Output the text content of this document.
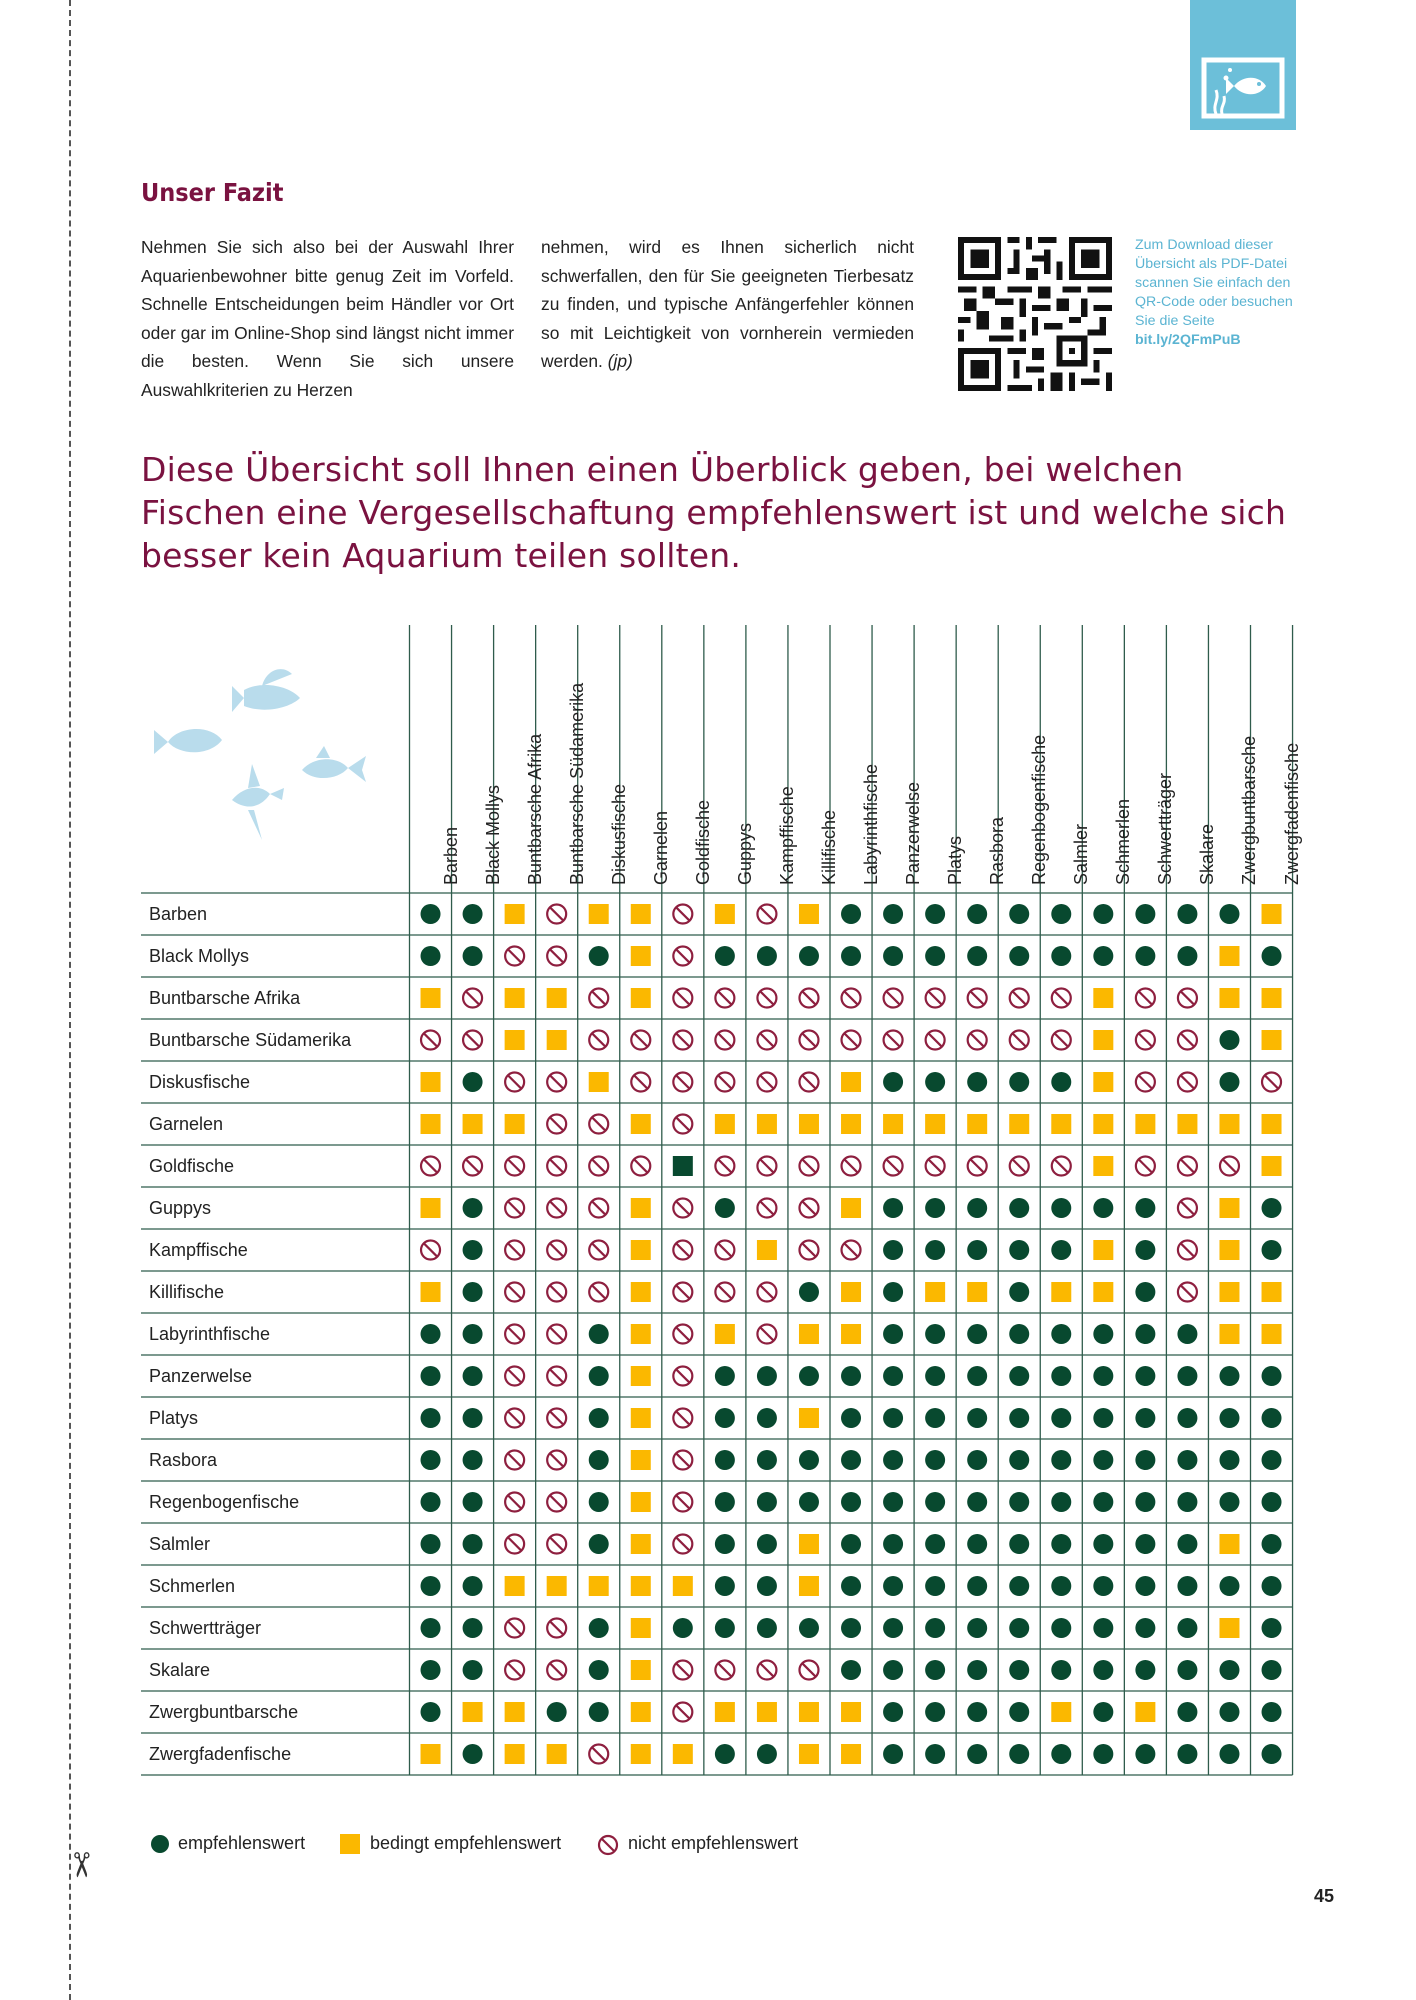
✂
Unser Fazit

Nehmen Sie sich also bei der Auswahl Ihrer Aquarienbewohner bitte genug Zeit im Vorfeld. Schnelle Entscheidungen beim Händler vor Ort oder gar im Online-Shop sind längst nicht immer die besten. Wenn Sie sich unsere Auswahlkriterien zu Herzen

nehmen, wird es Ihnen sicherlich nicht schwerfallen, den für Sie geeigneten Tierbesatz zu finden, und typische Anfängerfehler können so mit Leichtigkeit von vornherein vermieden werden. (jp)

Zum Download dieser Übersicht als PDF-Datei scannen Sie einfach den QR-Code oder besuchen Sie die Seite
bit.ly/2QFmPuB

Diese Übersicht soll Ihnen einen Überblick geben, bei welchen Fischen eine Vergesellschaftung empfehlenswert ist und welche sich besser kein Aquarium teilen sollten.

Barben
Black Mollys
Buntbarsche Afrika
Buntbarsche Südamerika
Diskusfische
Garnelen
Goldfische
Guppys
Kampffische
Killifische
Labyrinthfische
Panzerwelse
Platys
Rasbora
Regenbogenfische
Salmler
Schmerlen
Schwertträger
Skalare
Zwergbuntbarsche
Zwergfadenfische
Barben Black Mollys Buntbarsche Afrika Buntbarsche Südamerika Diskusfische Garnelen Goldfische Guppys Kampffische Killifische Labyrinthfische Panzerwelse Platys Rasbora Regenbogenfische Salmler Schmerlen Schwertträger Skalare Zwergbuntbarsche Zwergfadenfische
empfehlenswert	bedingt empfehlenswert	nicht empfehlenswert
45
